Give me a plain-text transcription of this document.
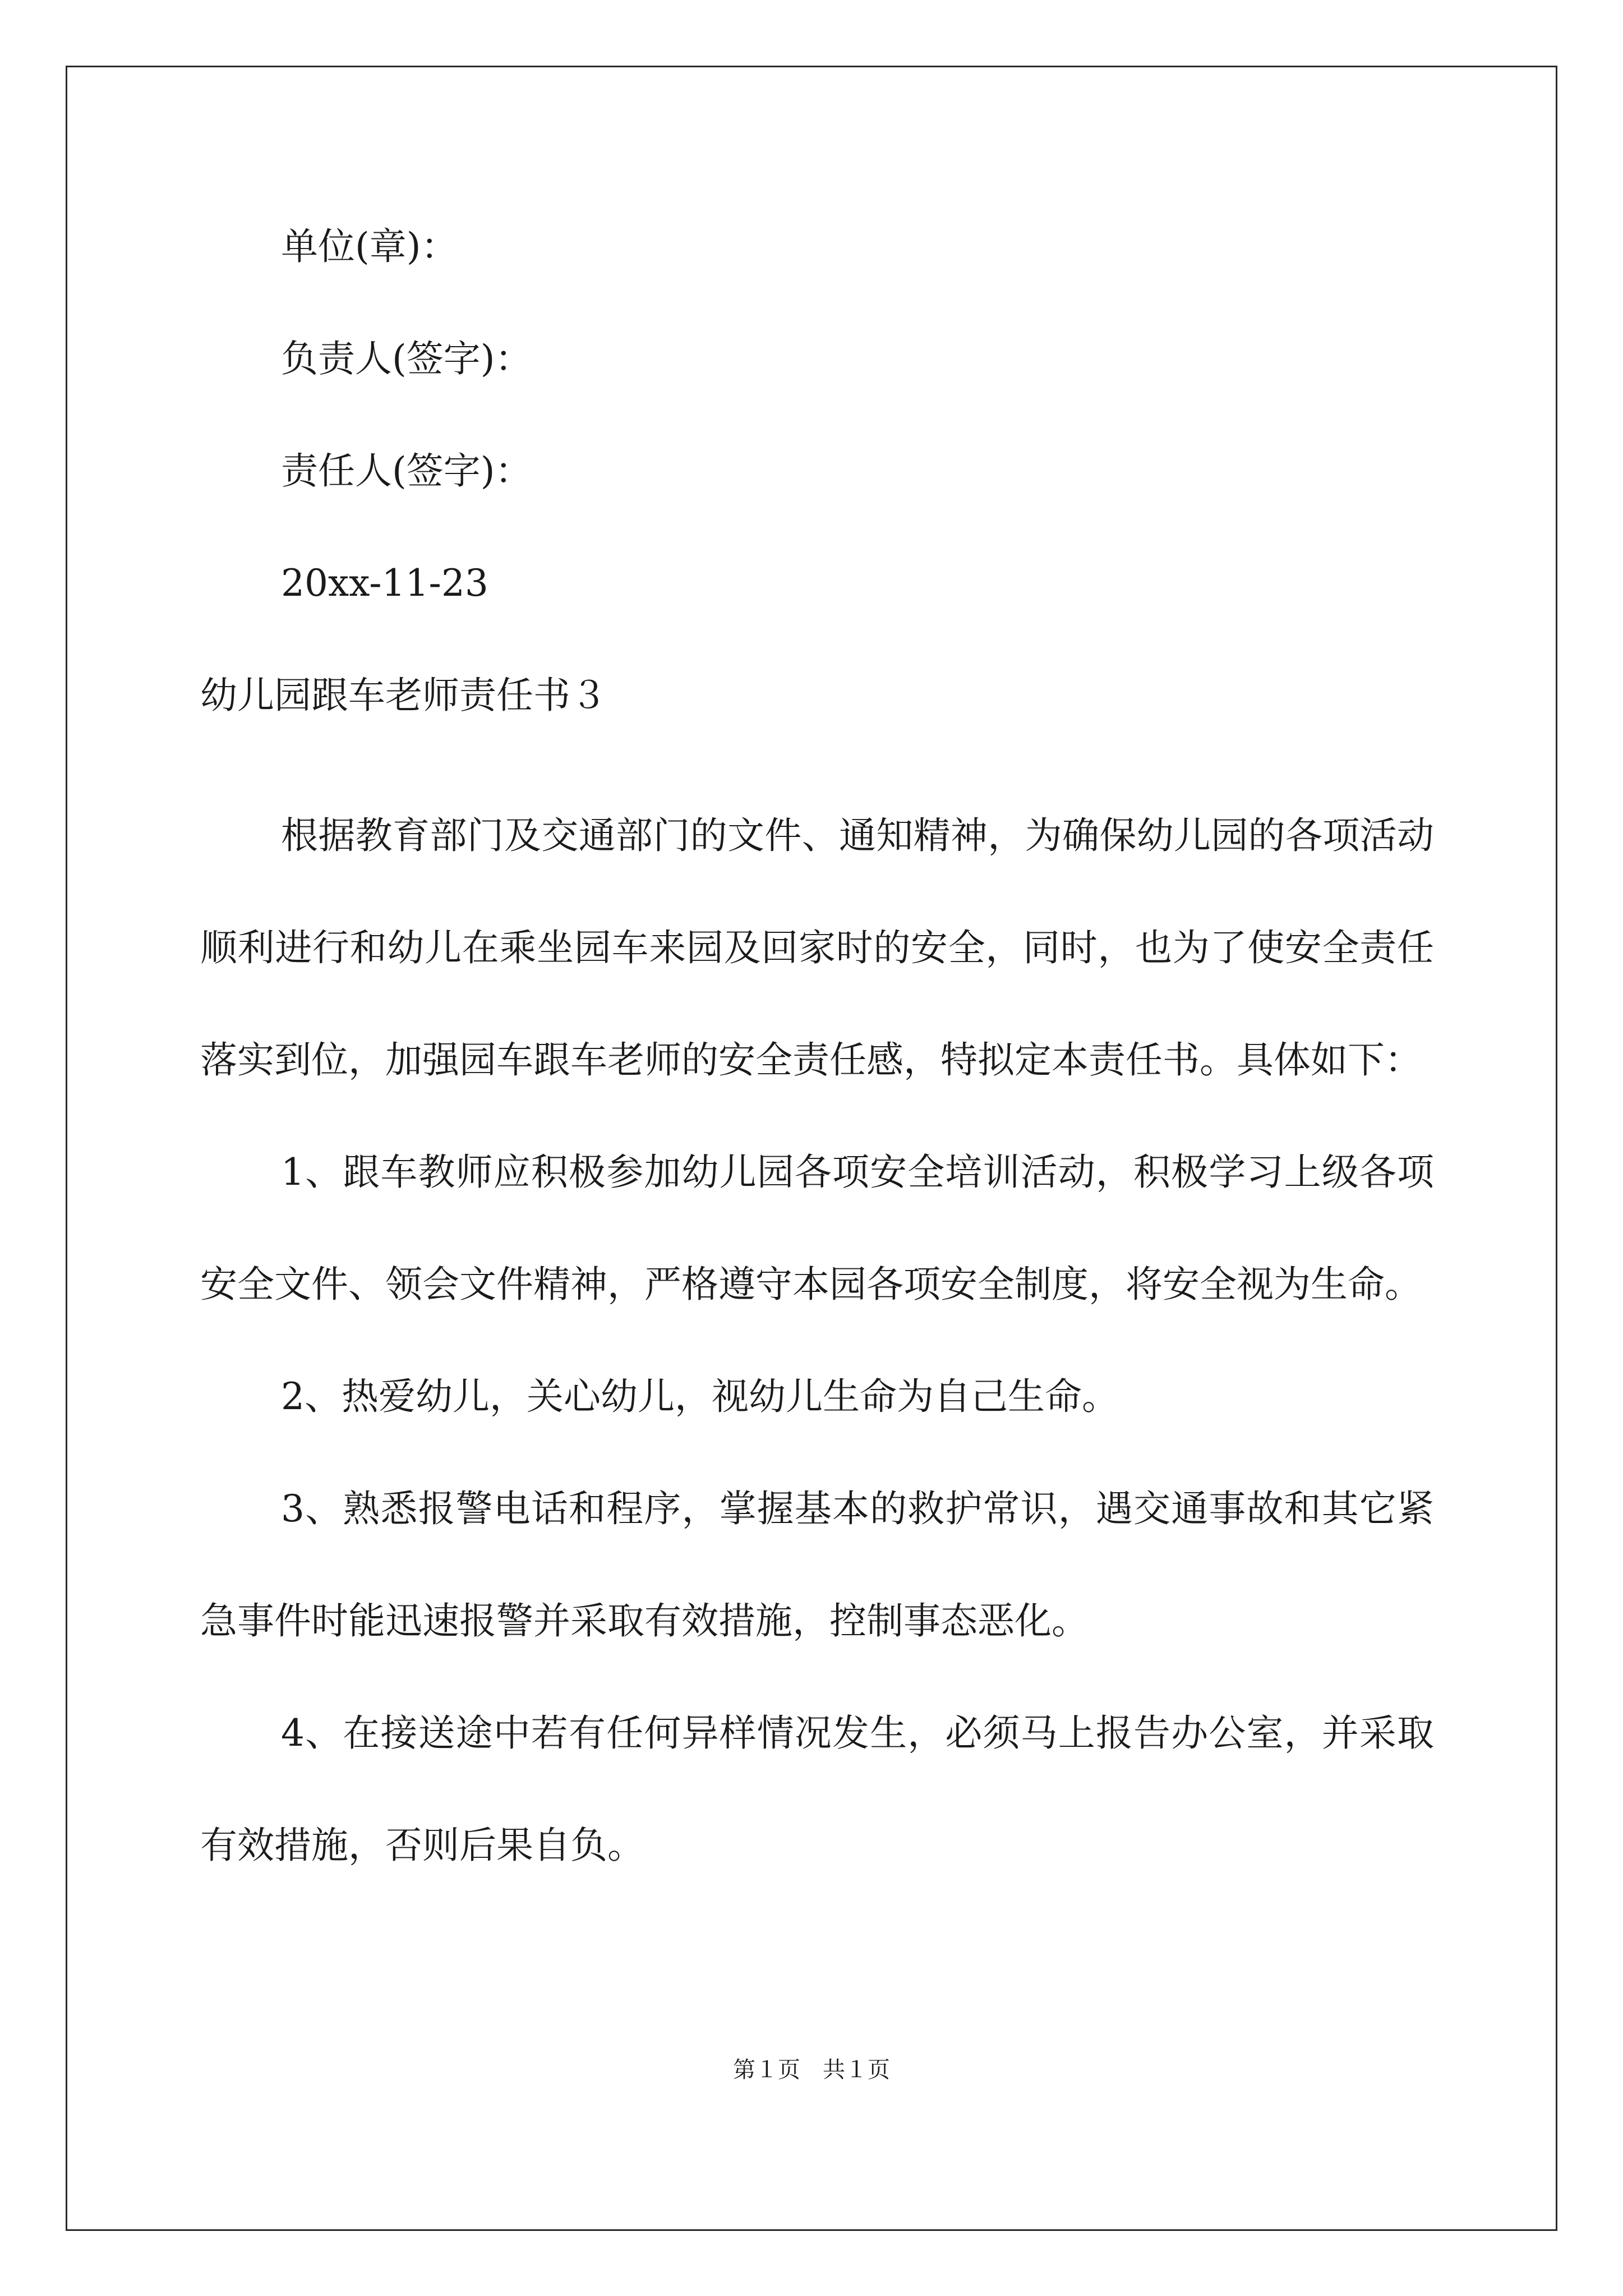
单位(章)：

负责人(签字)：

责任人(签字)：

20xx-11-23

幼儿园跟车老师责任书３

根据教育部门及交通部门的文件、通知精神，为确保幼儿园的各项活动顺利进行和幼儿在乘坐园车来园及回家时的安全，同时，也为了使安全责任落实到位，加强园车跟车老师的安全责任感，特拟定本责任书。具体如下：

1、跟车教师应积极参加幼儿园各项安全培训活动，积极学习上级各项安全文件、领会文件精神，严格遵守本园各项安全制度，将安全视为生命。

2、热爱幼儿，关心幼儿，视幼儿生命为自己生命。

3、熟悉报警电话和程序，掌握基本的救护常识，遇交通事故和其它紧急事件时能迅速报警并采取有效措施，控制事态恶化。

4、在接送途中若有任何异样情况发生，必须马上报告办公室，并采取有效措施，否则后果自负。

第１页　共１页
